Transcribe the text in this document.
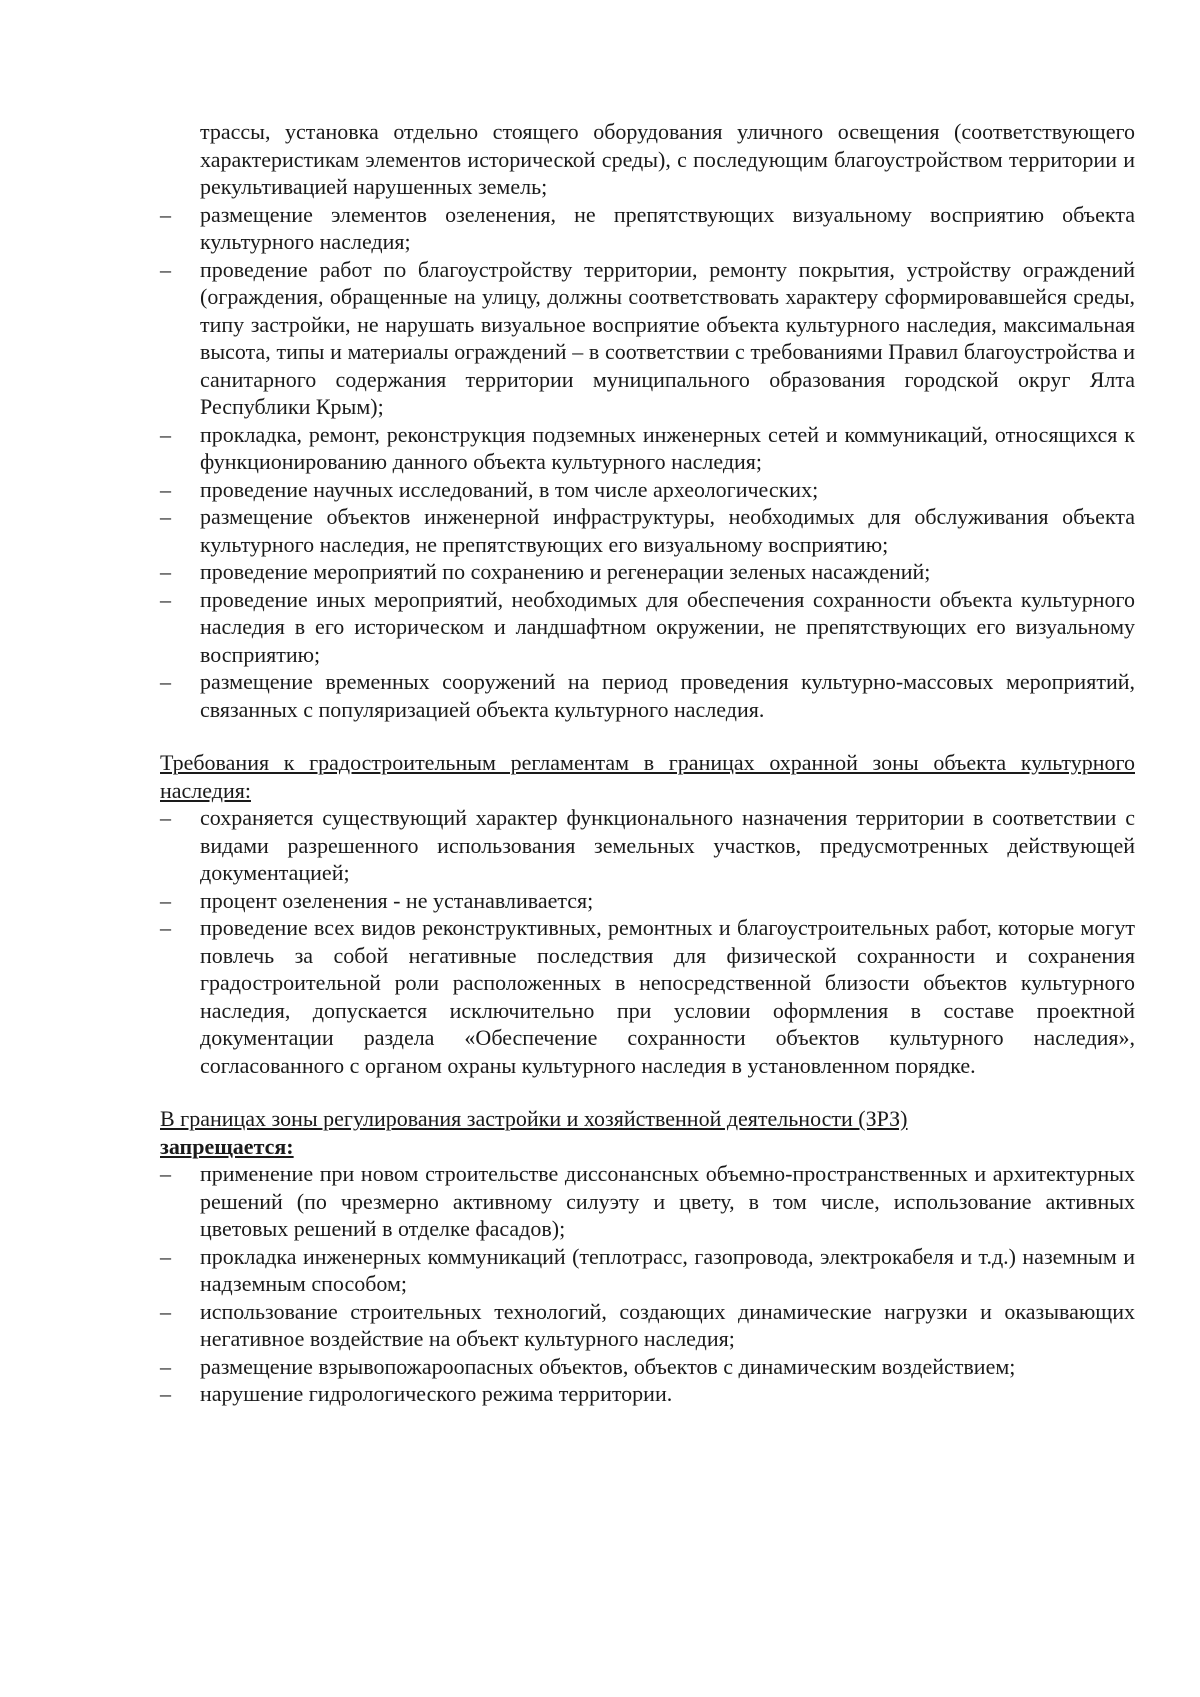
трассы, установка отдельно стоящего оборудования уличного освещения (соответствующего характеристикам элементов исторической среды), с последующим благоустройством территории и рекультивацией нарушенных земель;

–	размещение элементов озеленения, не препятствующих визуальному восприятию объекта культурного наследия;
–	проведение работ по благоустройству территории, ремонту покрытия, устройству ограждений (ограждения, обращенные на улицу, должны соответствовать характеру сформировавшейся среды, типу застройки, не нарушать визуальное восприятие объекта культурного наследия, максимальная высота, типы и материалы ограждений – в соответствии с требованиями Правил благоустройства и санитарного содержания территории муниципального образования городской округ Ялта Республики Крым);
–	прокладка, ремонт, реконструкция подземных инженерных сетей и коммуникаций, относящихся к функционированию данного объекта культурного наследия;
–	проведение научных исследований, в том числе археологических;
–	размещение объектов инженерной инфраструктуры, необходимых для обслуживания объекта культурного наследия, не препятствующих его визуальному восприятию;
–	проведение мероприятий по сохранению и регенерации зеленых насаждений;
–	проведение иных мероприятий, необходимых для обеспечения сохранности объекта культурного наследия в его историческом и ландшафтном окружении, не препятствующих его визуальному восприятию;
–	размещение временных сооружений на период проведения культурно-массовых мероприятий, связанных с популяризацией объекта культурного наследия.

Требования к градостроительным регламентам в границах охранной зоны объекта культурного наследия:

–	сохраняется существующий характер функционального назначения территории в соответствии с видами разрешенного использования земельных участков, предусмотренных действующей документацией;
–	процент озеленения - не устанавливается;
–	проведение всех видов реконструктивных, ремонтных и благоустроительных работ, которые могут повлечь за собой негативные последствия для физической сохранности и сохранения градостроительной роли расположенных в непосредственной близости объектов культурного наследия, допускается исключительно при условии оформления в составе проектной документации раздела «Обеспечение сохранности объектов культурного наследия», согласованного с органом охраны культурного наследия в установленном порядке.

В границах зоны регулирования застройки и хозяйственной деятельности (ЗРЗ)
запрещается:

–	применение при новом строительстве диссонансных объемно-пространственных и архитектурных решений (по чрезмерно активному силуэту и цвету, в том числе, использование активных цветовых решений в отделке фасадов);
–	прокладка инженерных коммуникаций (теплотрасс, газопровода, электрокабеля и т.д.) наземным и надземным способом;
–	использование строительных технологий, создающих динамические нагрузки и оказывающих негативное воздействие на объект культурного наследия;
–	размещение взрывопожароопасных объектов, объектов с динамическим воздействием;
–	нарушение гидрологического режима территории.
